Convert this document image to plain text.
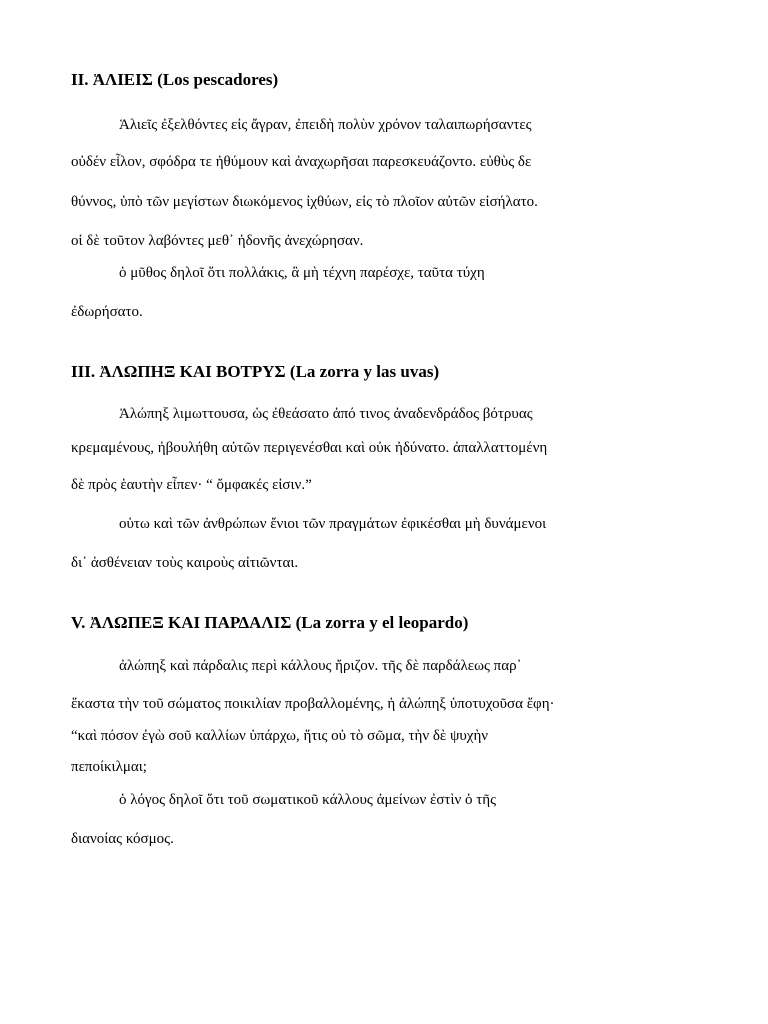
II. ἉΛΙΕΙΣ (Los pescadores)
Ἁλιεῖς ἐξελθόντες εἰς ἄγραν, ἐπειδὴ πολὺν χρόνον ταλαιπωρήσαντες
οὐδέν εἷλον, σφόδρα τε ἠθύμουν καὶ ἀναχωρῆσαι παρεσκευάζοντο. εὐθὺς δε
θύννος, ὑπὸ τῶν μεγίστων διωκόμενος ἰχθύων, εἰς τὸ πλοῖον αὐτῶν εἰσήλατο.
οἱ δὲ τοῦτον λαβόντες μεθ᾽ ἡδονῆς ἀνεχώρησαν.
ὁ μῦθος δηλοῖ ὅτι πολλάκις, ἃ μὴ τέχνη παρέσχε, ταῦτα τύχη
ἐδωρήσατο.
III. ἈΛΩΠΗΞ ΚΑΙ ΒΟΤΡΥΣ (La zorra y las uvas)
Ἀλώπηξ λιμωττουσα, ὡς ἐθεάσατο ἀπό τινος ἀναδενδράδος βότρυας
κρεμαμένους, ἠβουλήθη αὐτῶν περιγενέσθαι καὶ οὐκ ἠδύνατο. ἀπαλλαττομένη
δὲ πρὸς ἑαυτὴν εἶπεν· “ ὄμφακές εἰσιν.”
οὑτω καὶ τῶν ἀνθρώπων ἔνιοι τῶν πραγμάτων ἐφικέσθαι μὴ δυνάμενοι
δι᾽ ἀσθένειαν τοὺς καιροὺς αἰτιῶνται.
V. ἈΛΩΠΕΞ ΚΑΙ ΠΑΡΔΑΛΙΣ (La zorra y el leopardo)
ἀλώπηξ καὶ πάρδαλις περὶ κάλλους ἤριζον. τῆς δὲ παρδάλεως παρ᾽
ἕκαστα τὴν τοῦ σώματος ποικιλίαν προβαλλομένης, ἡ ἀλώπηξ ὑποτυχοῦσα ἔφη·
“καὶ πόσον ἐγὼ σοῦ καλλίων ὑπάρχω, ἥτις οὐ τὸ σῶμα, τὴν δὲ ψυχὴν
πεποίκιλμαι;
ὁ λόγος δηλοῖ ὅτι τοῦ σωματικοῦ κάλλους ἀμείνων ἐστὶν ὁ τῆς
διανοίας κόσμος.
